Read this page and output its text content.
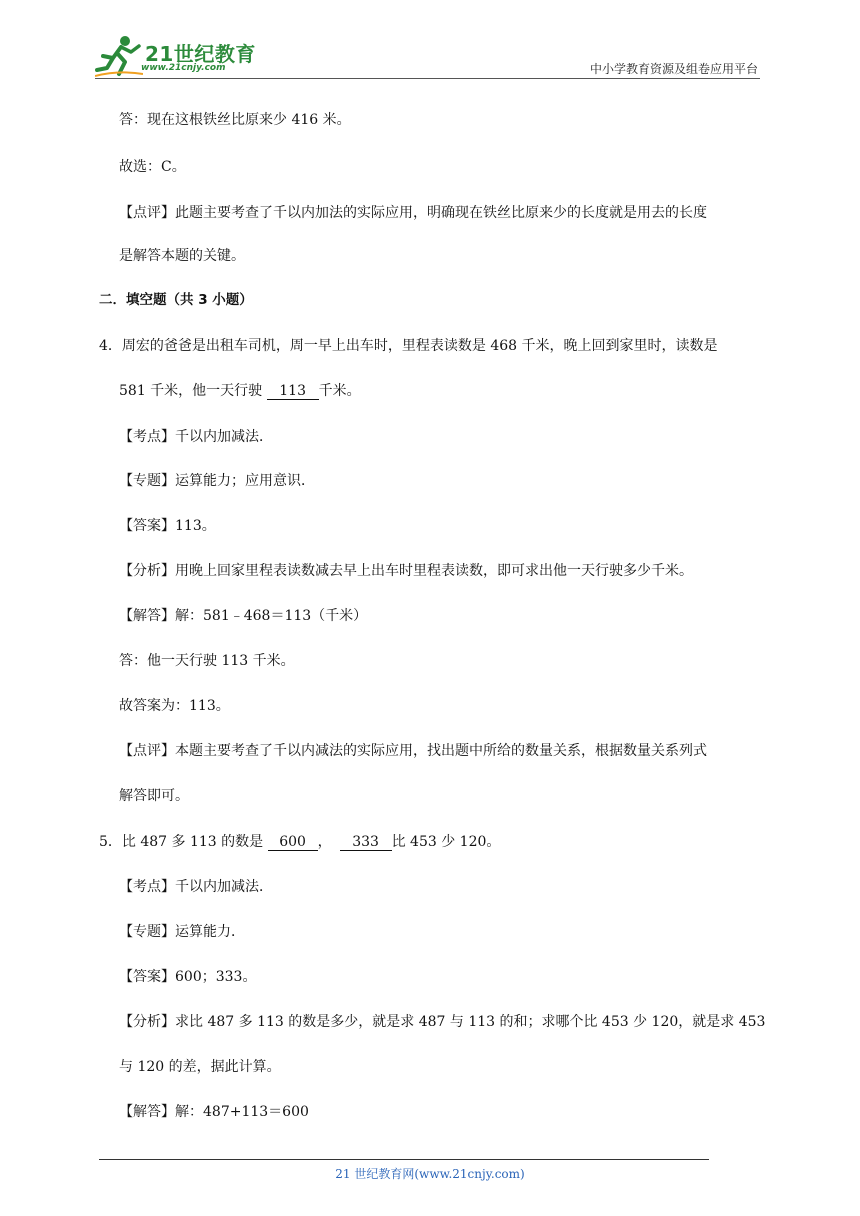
21世纪教育
www.21cnjy.com	中小学教育资源及组卷应用平台
答：现在这根铁丝比原来少 416 米。
故选：C。
【点评】此题主要考查了千以内加法的实际应用，明确现在铁丝比原来少的长度就是用去的长度
是解答本题的关键。
二．填空题（共 3 小题）
4．周宏的爸爸是出租车司机，周一早上出车时，里程表读数是 468 千米，晚上回到家里时，读数是
581 千米，他一天行驶 113 千米。
【考点】千以内加减法．
【专题】运算能力；应用意识．
【答案】113。
【分析】用晚上回家里程表读数减去早上出车时里程表读数，即可求出他一天行驶多少千米。
【解答】解：581﹣468＝113（千米）
答：他一天行驶 113 千米。
故答案为：113。
【点评】本题主要考查了千以内减法的实际应用，找出题中所给的数量关系，根据数量关系列式
解答即可。
5．比 487 多 113 的数是 600 ， 333 比 453 少 120。
【考点】千以内加减法．
【专题】运算能力．
【答案】600；333。
【分析】求比 487 多 113 的数是多少，就是求 487 与 113 的和；求哪个比 453 少 120，就是求 453
与 120 的差，据此计算。
【解答】解：487+113＝600
21 世纪教育网(www.21cnjy.com)
